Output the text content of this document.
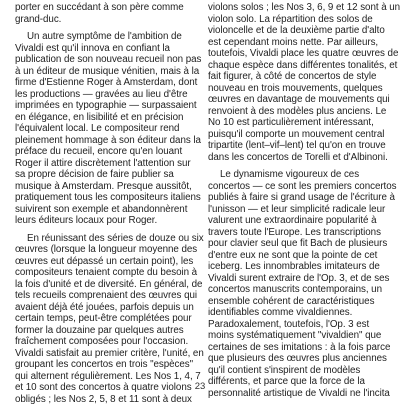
porter en succédant à son père comme
grand-duc.
Un autre symptôme de l'ambition de
Vivaldi est qu'il innova en confiant la
publication de son nouveau recueil non pas
à un éditeur de musique vénitien, mais à la
firme d'Estienne Roger à Amsterdam, dont
les productions — gravées au lieu d'être
imprimées en typographie — surpassaient
en élégance, en lisibilité et en précision
l'équivalent local. Le compositeur rend
pleinement hommage à son éditeur dans la
préface du recueil, encore qu'en louant
Roger il attire discrètement l'attention sur
sa propre décision de faire publier sa
musique à Amsterdam. Presque aussitôt,
pratiquement tous les compositeurs italiens
suivirent son exemple et abandonnèrent
leurs éditeurs locaux pour Roger.
En réunissant des séries de douze ou six
œuvres (lorsque la longueur moyenne des
œuvres eut dépassé un certain point), les
compositeurs tenaient compte du besoin à
la fois d'unité et de diversité. En général, de
tels recueils comprenaient des œuvres qui
avaient déjà été jouées, parfois depuis un
certain temps, peut-être complétées pour
former la douzaine par quelques autres
fraîchement composées pour l'occasion.
Vivaldi satisfait au premier critère, l'unité, en
groupant les concertos en trois "espèces"
qui alternent régulièrement. Les Nos 1, 4, 7
et 10 sont des concertos à quatre violons
obligés ; les Nos 2, 5, 8 et 11 sont à deux
violons solos ; les Nos 3, 6, 9 et 12 sont à un
violon solo. La répartition des solos de
violoncelle et de la deuxième partie d'alto
est cependant moins nette. Par ailleurs,
toutefois, Vivaldi place les quatre œuvres de
chaque espèce dans différentes tonalités, et
fait figurer, à côté de concertos de style
nouveau en trois mouvements, quelques
œuvres en davantage de mouvements qui
renvoient à des modèles plus anciens. Le
No 10 est particulièrement intéressant,
puisqu'il comporte un mouvement central
tripartite (lent–vif–lent) tel qu'on en trouve
dans les concertos de Torelli et d'Albinoni.
Le dynamisme vigoureux de ces
concertos — ce sont les premiers concertos
publiés à faire si grand usage de l'écriture à
l'unisson — et leur simplicité radicale leur
valurent une extraordinaire popularité à
travers toute l'Europe. Les transcriptions
pour clavier seul que fit Bach de plusieurs
d'entre eux ne sont que la pointe de cet
iceberg. Les innombrables imitateurs de
Vivaldi surent extraire de l'Op. 3, et de ses
concertos manuscrits contemporains, un
ensemble cohérent de caractéristiques
identifiables comme vivaldiennes.
Paradoxalement, toutefois, l'Op. 3 est
moins systématiquement "vivaldien" que
certaines de ses imitations : à la fois parce
que plusieurs des œuvres plus anciennes
qu'il contient s'inspirent de modèles
différents, et parce que la force de la
personnalité artistique de Vivaldi ne l'incita
23
